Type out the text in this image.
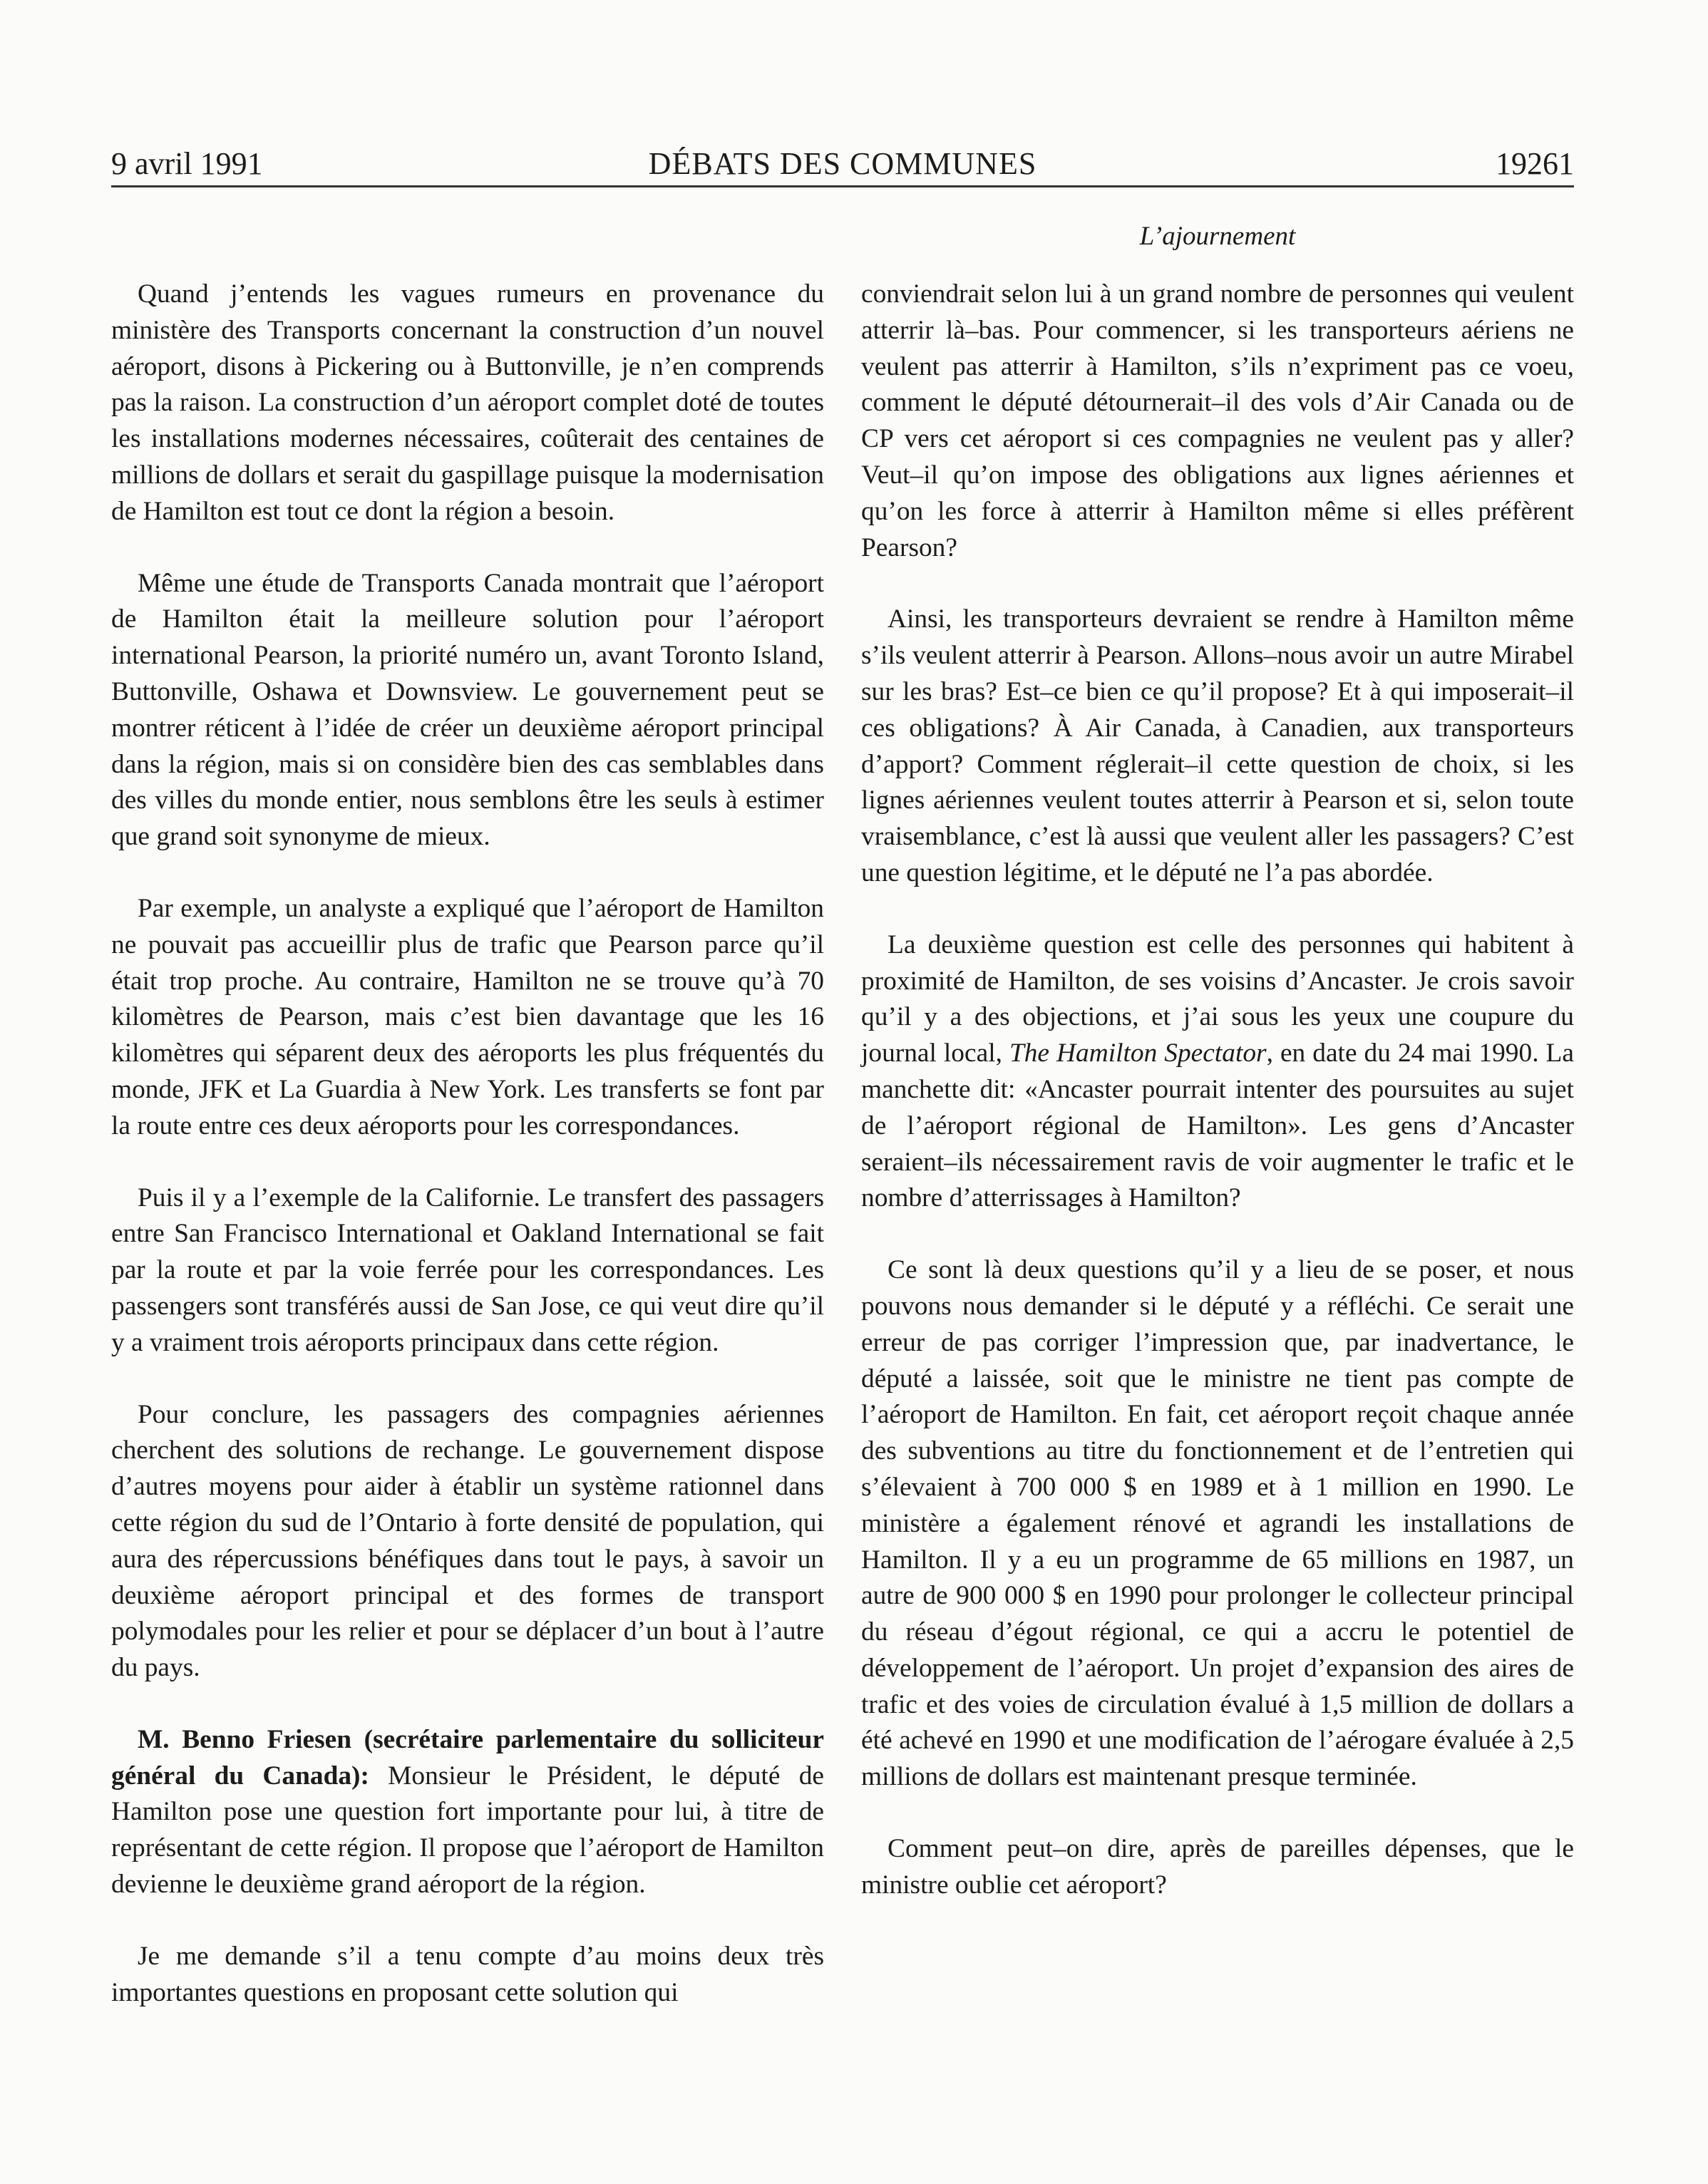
9 avril 1991	DÉBATS DES COMMUNES	19261
L’ajournement

Quand j’entends les vagues rumeurs en provenance du ministère des Transports concernant la construction d’un nouvel aéroport, disons à Pickering ou à Buttonville, je n’en comprends pas la raison. La construction d’un aéroport complet doté de toutes les installations modernes nécessaires, coûterait des centaines de millions de dollars et serait du gaspillage puisque la modernisation de Hamilton est tout ce dont la région a besoin.

Même une étude de Transports Canada montrait que l’aéroport de Hamilton était la meilleure solution pour l’aéroport international Pearson, la priorité numéro un, avant Toronto Island, Buttonville, Oshawa et Downsview. Le gouvernement peut se montrer réticent à l’idée de créer un deuxième aéroport principal dans la région, mais si on considère bien des cas semblables dans des villes du monde entier, nous semblons être les seuls à estimer que grand soit synonyme de mieux.

Par exemple, un analyste a expliqué que l’aéroport de Hamilton ne pouvait pas accueillir plus de trafic que Pearson parce qu’il était trop proche. Au contraire, Hamilton ne se trouve qu’à 70 kilomètres de Pearson, mais c’est bien davantage que les 16 kilomètres qui séparent deux des aéroports les plus fréquentés du monde, JFK et La Guardia à New York. Les transferts se font par la route entre ces deux aéroports pour les correspondances.

Puis il y a l’exemple de la Californie. Le transfert des passagers entre San Francisco International et Oakland International se fait par la route et par la voie ferrée pour les correspondances. Les passengers sont transférés aussi de San Jose, ce qui veut dire qu’il y a vraiment trois aéroports principaux dans cette région.

Pour conclure, les passagers des compagnies aériennes cherchent des solutions de rechange. Le gouvernement dispose d’autres moyens pour aider à établir un système rationnel dans cette région du sud de l’Ontario à forte densité de population, qui aura des répercussions bénéfiques dans tout le pays, à savoir un deuxième aéroport principal et des formes de transport polymodales pour les relier et pour se déplacer d’un bout à l’autre du pays.

M. Benno Friesen (secrétaire parlementaire du solliciteur général du Canada): Monsieur le Président, le député de Hamilton pose une question fort importante pour lui, à titre de représentant de cette région. Il propose que l’aéroport de Hamilton devienne le deuxième grand aéroport de la région.

Je me demande s’il a tenu compte d’au moins deux très importantes questions en proposant cette solution qui

conviendrait selon lui à un grand nombre de personnes qui veulent atterrir là–bas. Pour commencer, si les transporteurs aériens ne veulent pas atterrir à Hamilton, s’ils n’expriment pas ce voeu, comment le député détournerait–il des vols d’Air Canada ou de CP vers cet aéroport si ces compagnies ne veulent pas y aller? Veut–il qu’on impose des obligations aux lignes aériennes et qu’on les force à atterrir à Hamilton même si elles préfèrent Pearson?

Ainsi, les transporteurs devraient se rendre à Hamilton même s’ils veulent atterrir à Pearson. Allons–nous avoir un autre Mirabel sur les bras? Est–ce bien ce qu’il propose? Et à qui imposerait–il ces obligations? À Air Canada, à Canadien, aux transporteurs d’apport? Comment réglerait–il cette question de choix, si les lignes aériennes veulent toutes atterrir à Pearson et si, selon toute vraisemblance, c’est là aussi que veulent aller les passagers? C’est une question légitime, et le député ne l’a pas abordée.

La deuxième question est celle des personnes qui habitent à proximité de Hamilton, de ses voisins d’Ancaster. Je crois savoir qu’il y a des objections, et j’ai sous les yeux une coupure du journal local, The Hamilton Spectator, en date du 24 mai 1990. La manchette dit: «Ancaster pourrait intenter des poursuites au sujet de l’aéroport régional de Hamilton». Les gens d’Ancaster seraient–ils nécessairement ravis de voir augmenter le trafic et le nombre d’atterrissages à Hamilton?

Ce sont là deux questions qu’il y a lieu de se poser, et nous pouvons nous demander si le député y a réfléchi. Ce serait une erreur de pas corriger l’impression que, par inadvertance, le député a laissée, soit que le ministre ne tient pas compte de l’aéroport de Hamilton. En fait, cet aéroport reçoit chaque année des subventions au titre du fonctionnement et de l’entretien qui s’élevaient à 700 000 $ en 1989 et à 1 million en 1990. Le ministère a également rénové et agrandi les installations de Hamilton. Il y a eu un programme de 65 millions en 1987, un autre de 900 000 $ en 1990 pour prolonger le collecteur principal du réseau d’égout régional, ce qui a accru le potentiel de développement de l’aéroport. Un projet d’expansion des aires de trafic et des voies de circulation évalué à 1,5 million de dollars a été achevé en 1990 et une modification de l’aérogare évaluée à 2,5 millions de dollars est maintenant presque terminée.

Comment peut–on dire, après de pareilles dépenses, que le ministre oublie cet aéroport?
